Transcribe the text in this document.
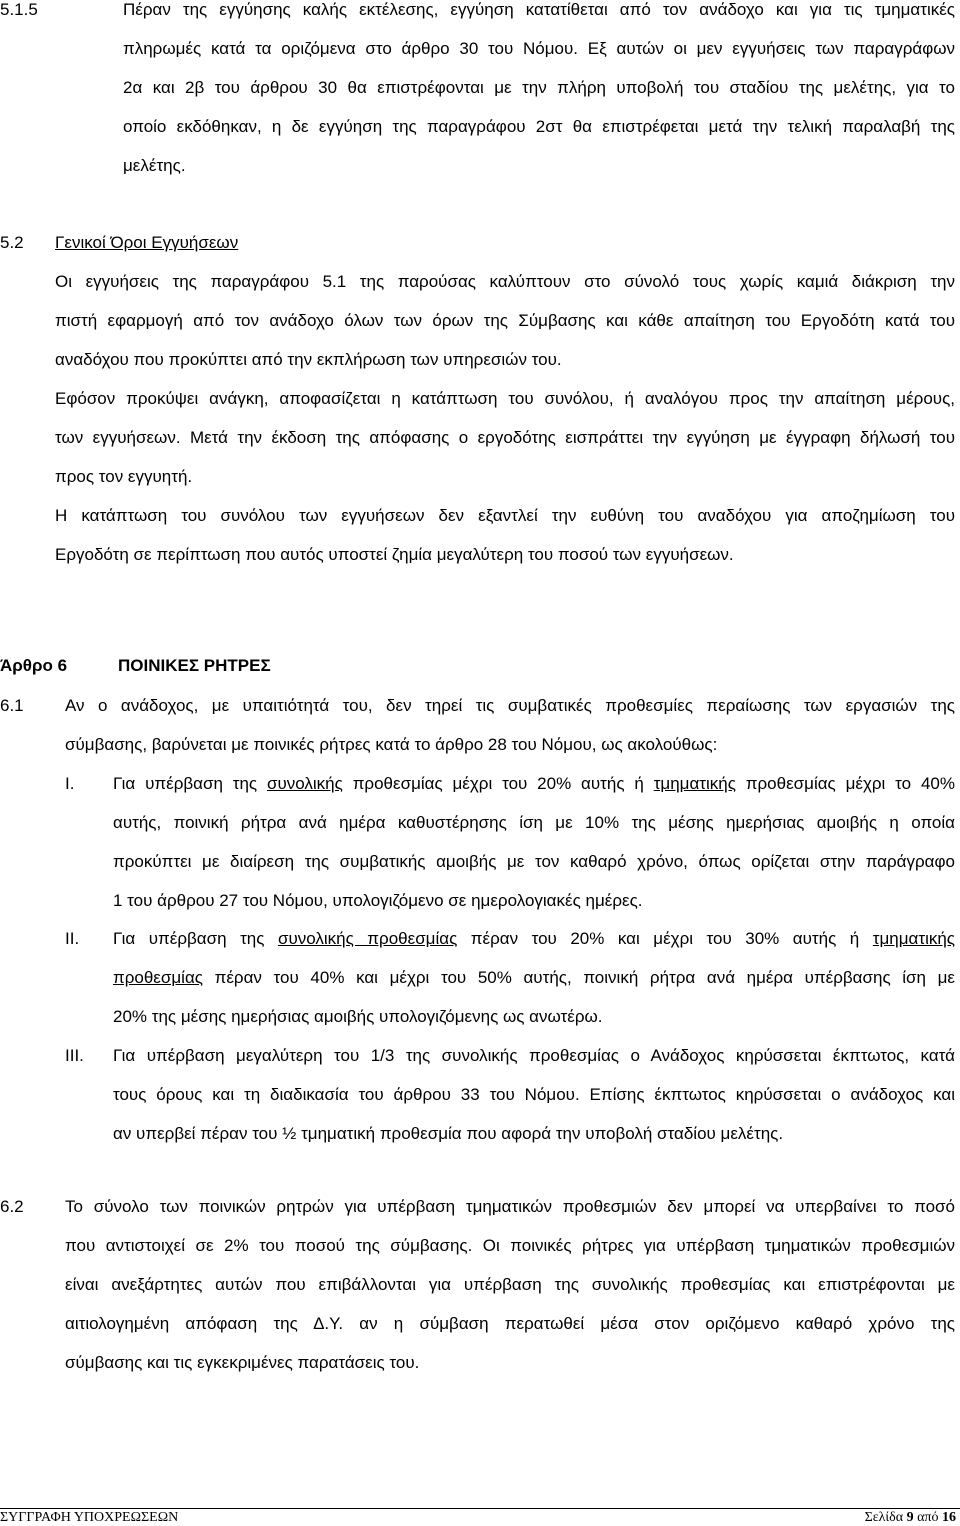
5.1.5	Πέραν της εγγύησης καλής εκτέλεσης, εγγύηση κατατίθεται από τον ανάδοχο και για τις τμηματικές
πληρωμές κατά τα οριζόμενα στο άρθρο 30 του Νόμου. Εξ αυτών οι μεν εγγυήσεις των παραγράφων
2α και 2β του άρθρου 30 θα επιστρέφονται με την πλήρη υποβολή του σταδίου της μελέτης, για το
οποίο εκδόθηκαν, η δε εγγύηση της παραγράφου 2στ θα επιστρέφεται μετά την τελική παραλαβή της
μελέτης.
5.2 Γενικοί Όροι Εγγυήσεων
Οι εγγυήσεις της παραγράφου 5.1 της παρούσας καλύπτουν στο σύνολό τους χωρίς καμιά διάκριση την
πιστή εφαρμογή από τον ανάδοχο όλων των όρων της Σύμβασης και κάθε απαίτηση του Εργοδότη κατά του
αναδόχου που προκύπτει από την εκπλήρωση των υπηρεσιών του.
Εφόσον προκύψει ανάγκη, αποφασίζεται η κατάπτωση του συνόλου, ή αναλόγου προς την απαίτηση μέρους,
των εγγυήσεων. Μετά την έκδοση της απόφασης ο εργοδότης εισπράττει την εγγύηση με έγγραφη δήλωσή του
προς τον εγγυητή.
Η κατάπτωση του συνόλου των εγγυήσεων δεν εξαντλεί την ευθύνη του αναδόχου για αποζημίωση του
Εργοδότη σε περίπτωση που αυτός υποστεί ζημία μεγαλύτερη του ποσού των εγγυήσεων.
Άρθρο 6	ΠΟΙΝΙΚΕΣ ΡΗΤΡΕΣ
6.1 Αν ο ανάδοχος, με υπαιτιότητά του, δεν τηρεί τις συμβατικές προθεσμίες περαίωσης των εργασιών της
σύμβασης, βαρύνεται με ποινικές ρήτρες κατά το άρθρο 28 του Νόμου, ως ακολούθως:
I. Για υπέρβαση της συνολικής προθεσμίας μέχρι του 20% αυτής ή τμηματικής προθεσμίας μέχρι το 40%
αυτής, ποινική ρήτρα ανά ημέρα καθυστέρησης ίση με 10% της μέσης ημερήσιας αμοιβής η οποία
προκύπτει με διαίρεση της συμβατικής αμοιβής με τον καθαρό χρόνο, όπως ορίζεται στην παράγραφο
1 του άρθρου 27 του Νόμου, υπολογιζόμενο σε ημερολογιακές ημέρες.
II. Για υπέρβαση της συνολικής προθεσμίας πέραν του 20% και μέχρι του 30% αυτής ή τμηματικής
προθεσμίας πέραν του 40% και μέχρι του 50% αυτής, ποινική ρήτρα ανά ημέρα υπέρβασης ίση με
20% της μέσης ημερήσιας αμοιβής υπολογιζόμενης ως ανωτέρω.
III. Για υπέρβαση μεγαλύτερη του 1/3 της συνολικής προθεσμίας ο Ανάδοχος κηρύσσεται έκπτωτος, κατά
τους όρους και τη διαδικασία του άρθρου 33 του Νόμου. Επίσης έκπτωτος κηρύσσεται ο ανάδοχος και
αν υπερβεί πέραν του ½ τμηματική προθεσμία που αφορά την υποβολή σταδίου μελέτης.
6.2 Το σύνολο των ποινικών ρητρών για υπέρβαση τμηματικών προθεσμιών δεν μπορεί να υπερβαίνει το ποσό
που αντιστοιχεί σε 2% του ποσού της σύμβασης. Οι ποινικές ρήτρες για υπέρβαση τμηματικών προθεσμιών
είναι ανεξάρτητες αυτών που επιβάλλονται για υπέρβαση της συνολικής προθεσμίας και επιστρέφονται με
αιτιολογημένη απόφαση της Δ.Υ. αν η σύμβαση περατωθεί μέσα στον οριζόμενο καθαρό χρόνο της
σύμβασης και τις εγκεκριμένες παρατάσεις του.
ΣΥΓΓΡΑΦΗ ΥΠΟΧΡΕΩΣΕΩΝ	Σελίδα 9 από 16
